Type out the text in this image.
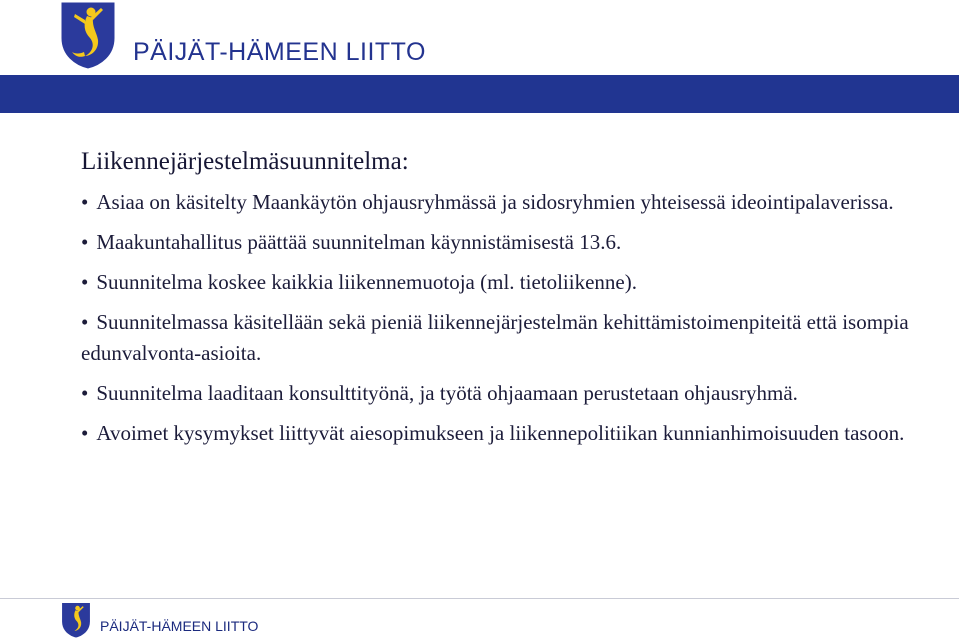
PÄIJÄT-HÄMEEN LIITTO
Liikennejärjestelmäsuunnitelma:
• Asiaa on käsitelty Maankäytön ohjausryhmässä ja sidosryhmien yhteisessä ideointipalaverissa.
• Maakuntahallitus päättää suunnitelman käynnistämisestä 13.6.
• Suunnitelma koskee kaikkia liikennemuotoja (ml. tietoliikenne).
• Suunnitelmassa käsitellään sekä pieniä liikennejärjestelmän kehittämistoimenpiteitä että isompia edunvalvonta-asioita.
• Suunnitelma laaditaan konsulttityönä, ja työtä ohjaamaan perustetaan ohjausryhmä.
• Avoimet kysymykset liittyvät aiesopimukseen ja liikennepolitiikan kunnianhimoisuuden tasoon.
PÄIJÄT-HÄMEEN LIITTO
